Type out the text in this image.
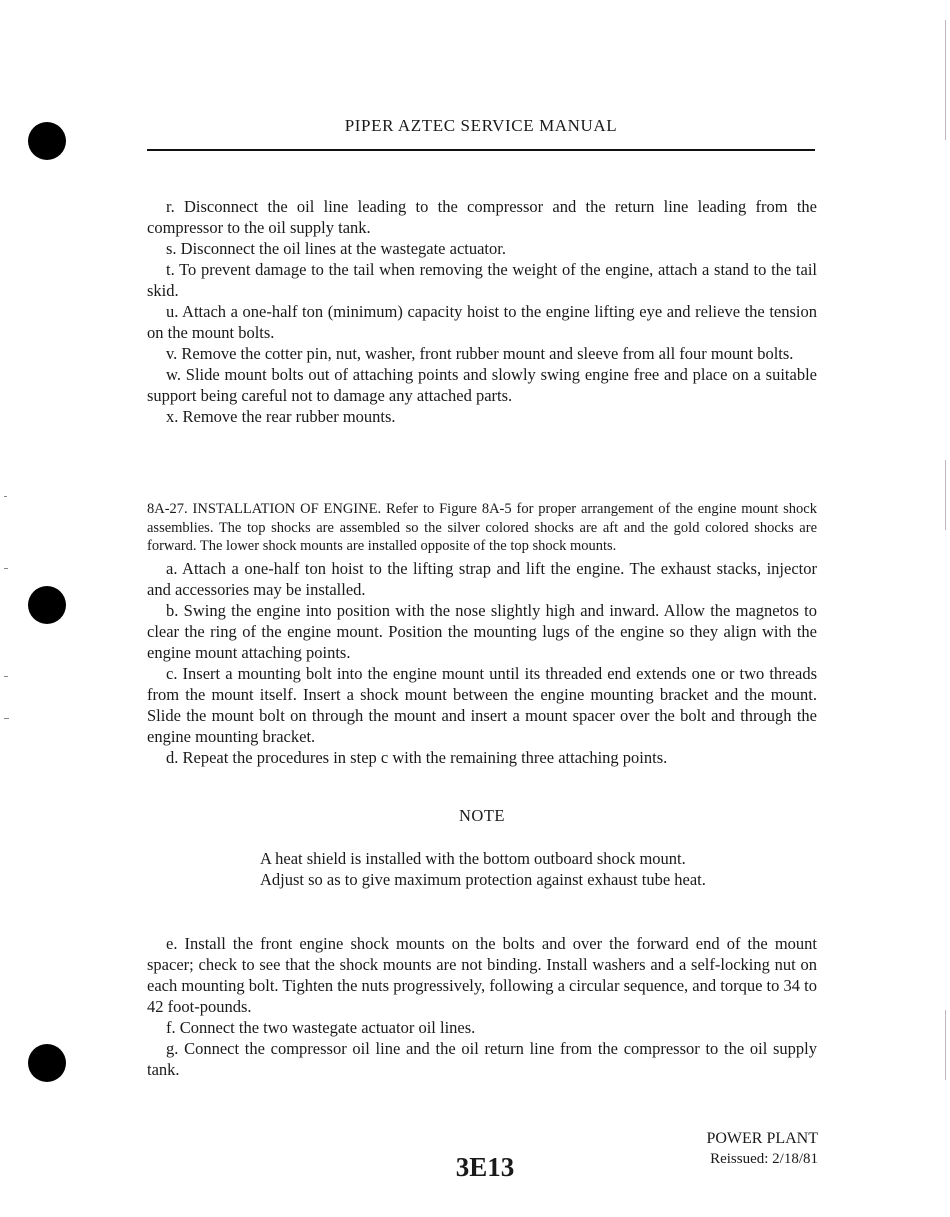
PIPER AZTEC SERVICE MANUAL

r. Disconnect the oil line leading to the compressor and the return line leading from the compressor to the oil supply tank.

s. Disconnect the oil lines at the wastegate actuator.

t. To prevent damage to the tail when removing the weight of the engine, attach a stand to the tail skid.

u. Attach a one-half ton (minimum) capacity hoist to the engine lifting eye and relieve the tension on the mount bolts.

v. Remove the cotter pin, nut, washer, front rubber mount and sleeve from all four mount bolts.

w. Slide mount bolts out of attaching points and slowly swing engine free and place on a suitable support being careful not to damage any attached parts.

x. Remove the rear rubber mounts.

8A-27. INSTALLATION OF ENGINE. Refer to Figure 8A-5 for proper arrangement of the engine mount shock assemblies. The top shocks are assembled so the silver colored shocks are aft and the gold colored shocks are forward. The lower shock mounts are installed opposite of the top shock mounts.

a. Attach a one-half ton hoist to the lifting strap and lift the engine. The exhaust stacks, injector and accessories may be installed.

b. Swing the engine into position with the nose slightly high and inward. Allow the magnetos to clear the ring of the engine mount. Position the mounting lugs of the engine so they align with the engine mount attaching points.

c. Insert a mounting bolt into the engine mount until its threaded end extends one or two threads from the mount itself. Insert a shock mount between the engine mounting bracket and the mount. Slide the mount bolt on through the mount and insert a mount spacer over the bolt and through the engine mounting bracket.

d. Repeat the procedures in step c with the remaining three attaching points.

NOTE
A heat shield is installed with the bottom outboard shock mount. Adjust so as to give maximum protection against exhaust tube heat.

e. Install the front engine shock mounts on the bolts and over the forward end of the mount spacer; check to see that the shock mounts are not binding. Install washers and a self-locking nut on each mounting bolt. Tighten the nuts progressively, following a circular sequence, and torque to 34 to 42 foot-pounds.

f. Connect the two wastegate actuator oil lines.

g. Connect the compressor oil line and the oil return line from the compressor to the oil supply tank.

POWER PLANT
Reissued: 2/18/81
3E13
